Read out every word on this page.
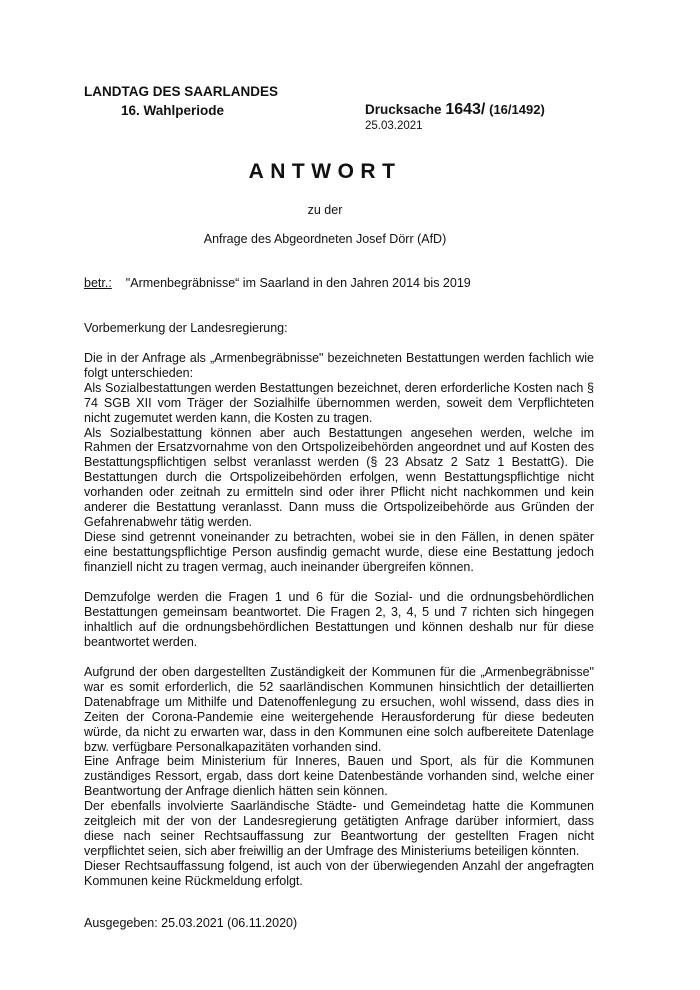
LANDTAG DES SAARLANDES
16. Wahlperiode	Drucksache 1643/ (16/1492)
25.03.2021
ANTWORT
zu der
Anfrage des Abgeordneten Josef Dörr (AfD)
betr.: "Armenbegräbnisse“ im Saarland in den Jahren 2014 bis 2019
Vorbemerkung der Landesregierung:

Die in der Anfrage als „Armenbegräbnisse" bezeichneten Bestattungen werden fachlich wie folgt unterschieden:

Als Sozialbestattungen werden Bestattungen bezeichnet, deren erforderliche Kosten nach § 74 SGB XII vom Träger der Sozialhilfe übernommen werden, soweit dem Verpflichteten nicht zugemutet werden kann, die Kosten zu tragen.

Als Sozialbestattung können aber auch Bestattungen angesehen werden, welche im Rahmen der Ersatzvornahme von den Ortspolizeibehörden angeordnet und auf Kosten des Bestattungspflichtigen selbst veranlasst werden (§ 23 Absatz 2 Satz 1 BestattG). Die Bestattungen durch die Ortspolizeibehörden erfolgen, wenn Bestattungspflichtige nicht vorhanden oder zeitnah zu ermitteln sind oder ihrer Pflicht nicht nachkommen und kein anderer die Bestattung veranlasst. Dann muss die Ortspolizeibehörde aus Gründen der Gefahrenabwehr tätig werden.

Diese sind getrennt voneinander zu betrachten, wobei sie in den Fällen, in denen später eine bestattungspflichtige Person ausfindig gemacht wurde, diese eine Bestattung jedoch finanziell nicht zu tragen vermag, auch ineinander übergreifen können.

Demzufolge werden die Fragen 1 und 6 für die Sozial- und die ordnungsbehördlichen Bestattungen gemeinsam beantwortet. Die Fragen 2, 3, 4, 5 und 7 richten sich hingegen inhaltlich auf die ordnungsbehördlichen Bestattungen und können deshalb nur für diese beantwortet werden.

Aufgrund der oben dargestellten Zuständigkeit der Kommunen für die „Armenbegräbnisse" war es somit erforderlich, die 52 saarländischen Kommunen hinsichtlich der detaillierten Datenabfrage um Mithilfe und Datenoffenlegung zu ersuchen, wohl wissend, dass dies in Zeiten der Corona-Pandemie eine weitergehende Herausforderung für diese bedeuten würde, da nicht zu erwarten war, dass in den Kommunen eine solch aufbereitete Datenlage bzw. verfügbare Personalkapazitäten vorhanden sind.

Eine Anfrage beim Ministerium für Inneres, Bauen und Sport, als für die Kommunen zuständiges Ressort, ergab, dass dort keine Datenbestände vorhanden sind, welche einer Beantwortung der Anfrage dienlich hätten sein können.

Der ebenfalls involvierte Saarländische Städte- und Gemeindetag hatte die Kommunen zeitgleich mit der von der Landesregierung getätigten Anfrage darüber informiert, dass diese nach seiner Rechtsauffassung zur Beantwortung der gestellten Fragen nicht verpflichtet seien, sich aber freiwillig an der Umfrage des Ministeriums beteiligen könnten.

Dieser Rechtsauffassung folgend, ist auch von der überwiegenden Anzahl der angefragten Kommunen keine Rückmeldung erfolgt.

Ausgegeben: 25.03.2021 (06.11.2020)
